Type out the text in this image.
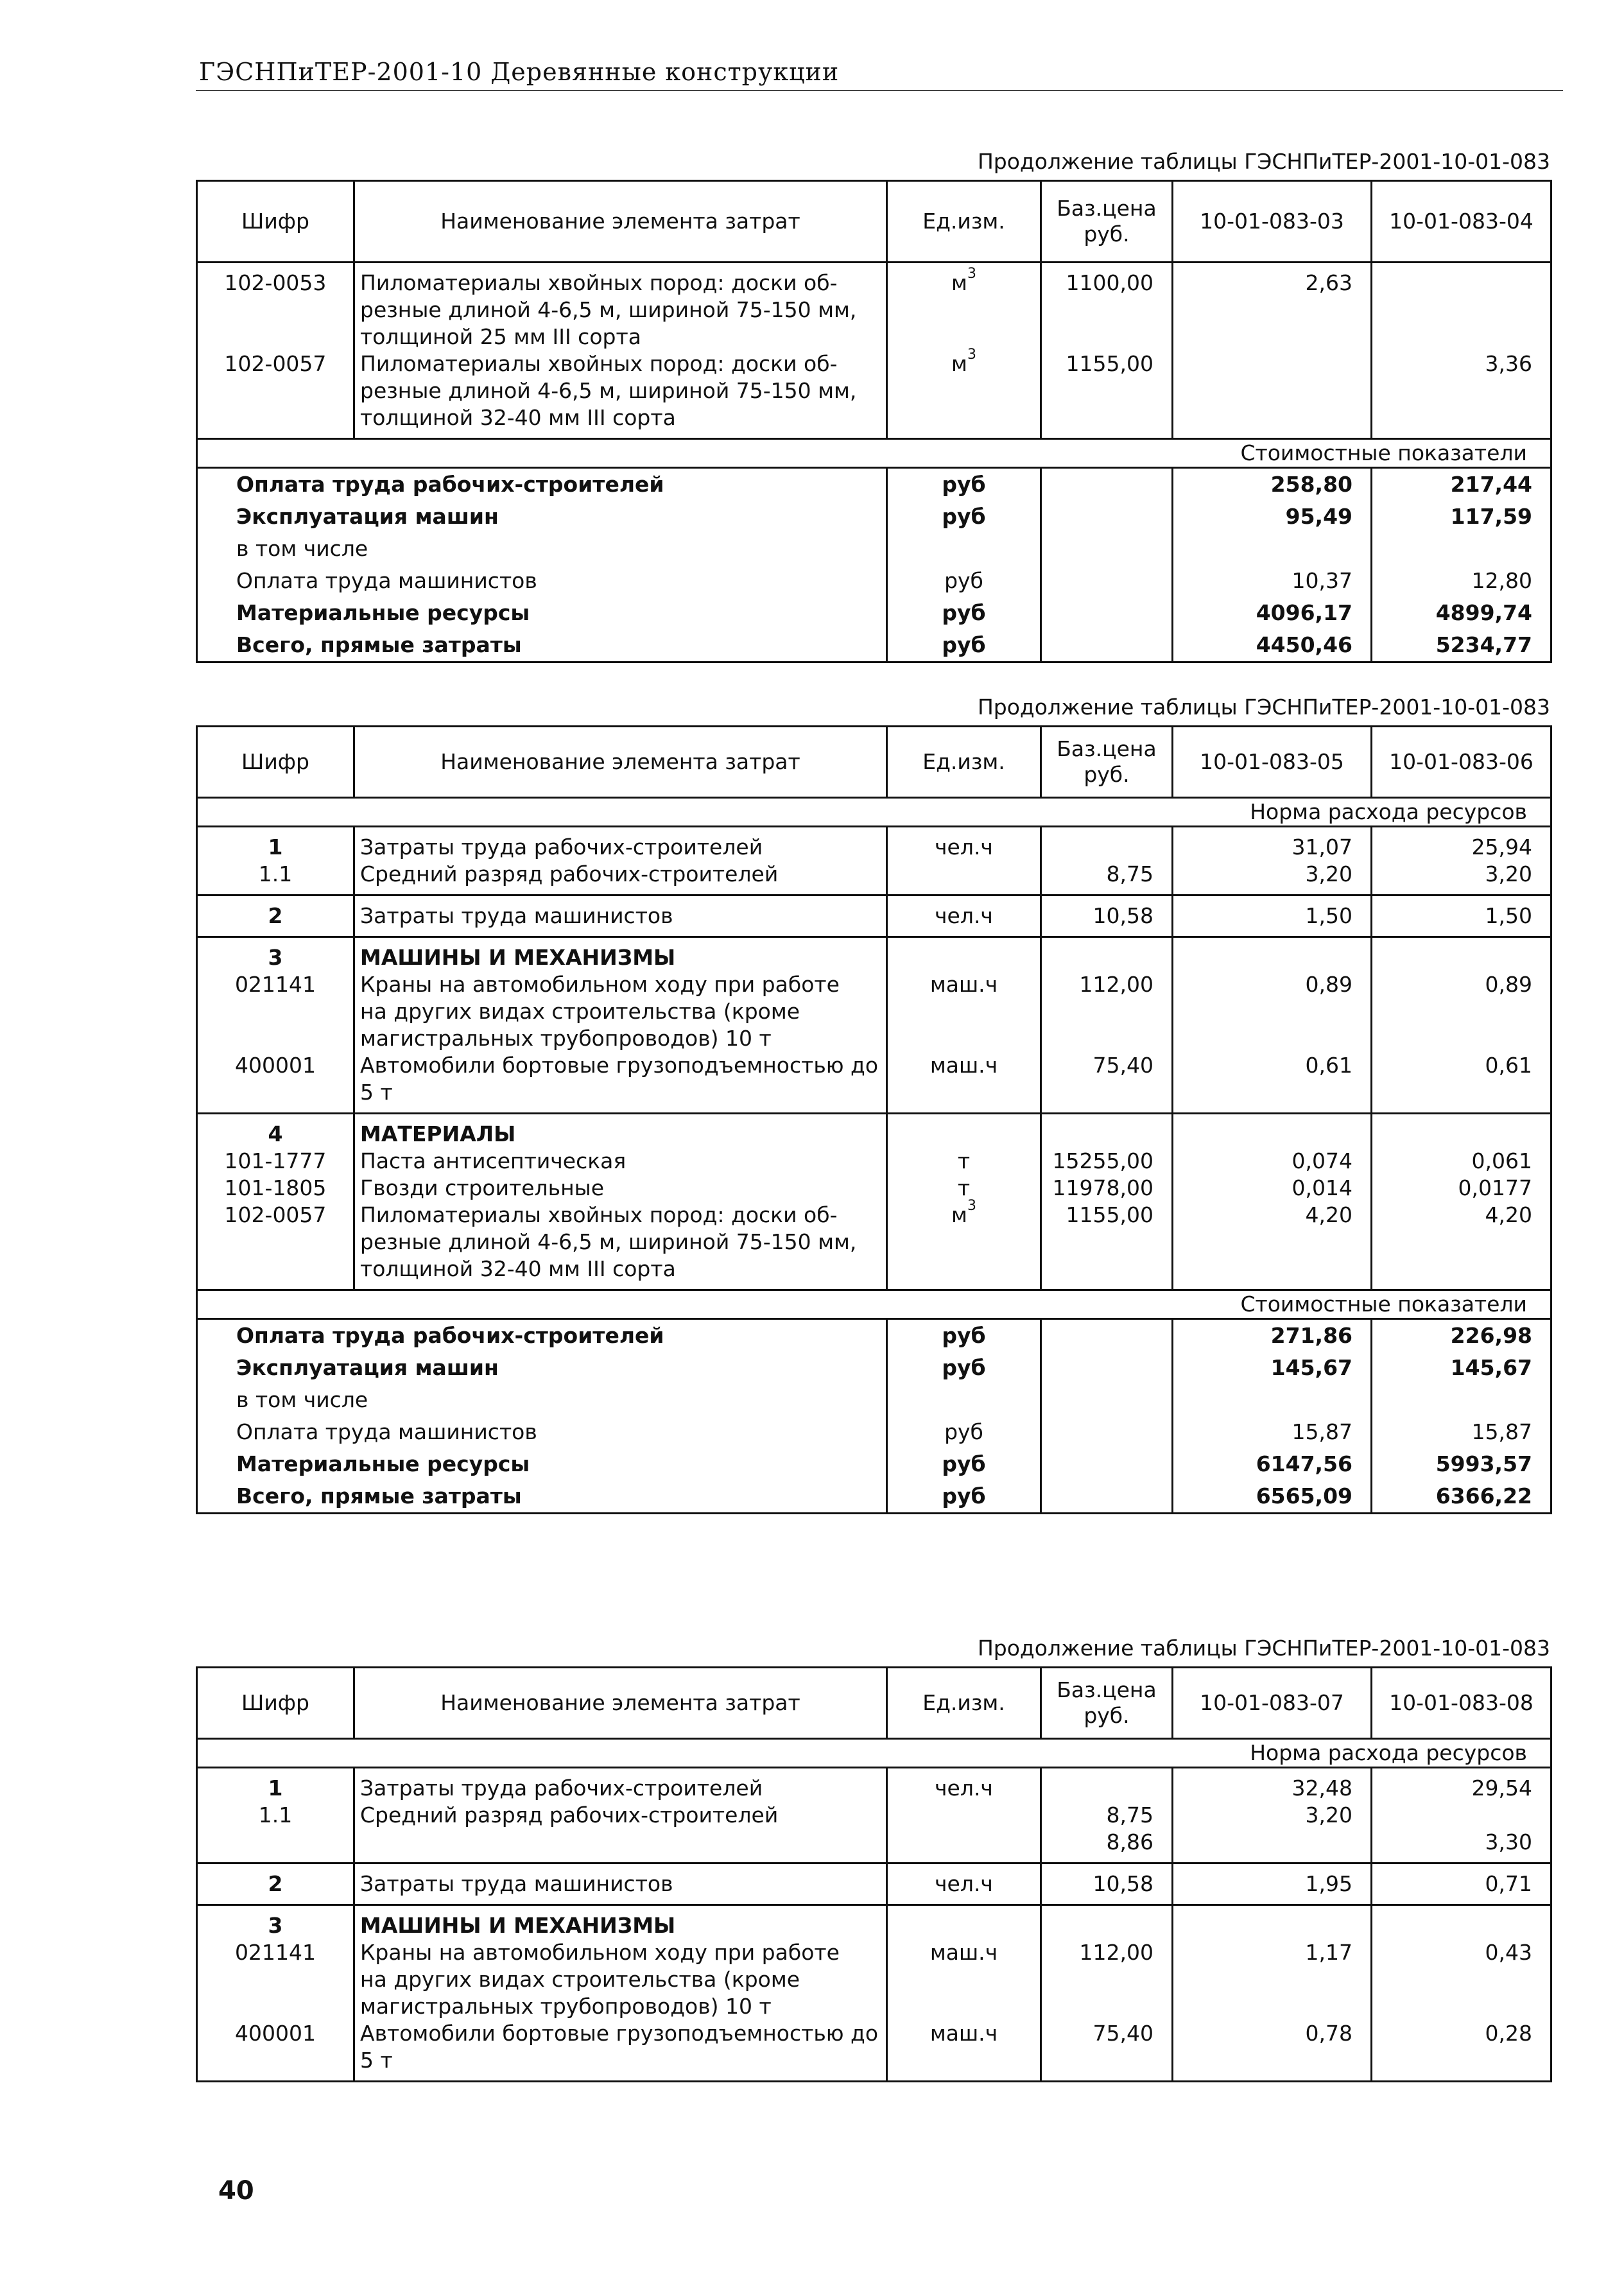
ГЭСНПиТЕР-2001-10 Деревянные конструкции
Продолжение таблицы ГЭСНПиТЕР-2001-10-01-083
Шифр	Наименование элемента затрат	Ед.изм.	Баз.цена руб.	10-01-083-03	10-01-083-04
102-0053	Пиломатериалы хвойных пород: доски об- резные длиной 4-6,5 м, шириной 75-150 мм, толщиной 25 мм III сорта	$м^3$	1100,00	2,63	
102-0057	Пиломатериалы хвойных пород: доски об- резные длиной 4-6,5 м, шириной 75-150 мм, толщиной 32-40 мм III сорта	$м^3$	1155,00		3,36
Стоимостные показатели					
Оплата труда рабочих-строителей		руб		258,80	217,44
Эксплуатация машин		руб		95,49	117,59
в том числе					
Оплата труда машинистов		руб		10,37	12,80
Материальные ресурсы		руб		4096,17	4899,74
Всего, прямые затраты		руб		4450,46	5234,77
Продолжение таблицы ГЭСНПиТЕР-2001-10-01-083
Шифр	Наименование элемента затрат	Ед.изм.	Баз.цена руб.	10-01-083-05	10-01-083-06
Норма расхода ресурсов					
1	Затраты труда рабочих-строителей	чел.ч		31,07	25,94
1.1	Средний разряд рабочих-строителей		8,75	3,20	3,20
2	Затраты труда машинистов	чел.ч	10,58	1,50	1,50
3	МАШИНЫ И МЕХАНИЗМЫ				
021141	Краны на автомобильном ходу при работе
на других видах строительства (кроме
магистральных трубопроводов) 10 т	маш.ч	112,00	0,89	0,89
400001	Автомобили бортовые грузоподъемностью до 5 т	маш.ч	75,40	0,61	0,61
4	МАТЕРИАЛЫ				
101-1777	Паста антисептическая	т	15255,00	0,074	0,061
101-1805	Гвозди строительные	т	11978,00	0,014	0,0177
102-0057	Пиломатериалы хвойных пород: доски об- резные длиной 4-6,5 м, шириной 75-150 мм, толщиной 32-40 мм III сорта	$м^3$	1155,00	4,20	4,20
Стоимостные показатели					
Оплата труда рабочих-строителей		руб		271,86	226,98
Эксплуатация машин		руб		145,67	145,67
в том числе					
Оплата труда машинистов		руб		15,87	15,87
Материальные ресурсы		руб		6147,56	5993,57
Всего, прямые затраты		руб		6565,09	6366,22
Продолжение таблицы ГЭСНПиТЕР-2001-10-01-083
Шифр	Наименование элемента затрат	Ед.изм.	Баз.цена руб.	10-01-083-07	10-01-083-08
Норма расхода ресурсов					
1	Затраты труда рабочих-строителей	чел.ч		32,48	29,54
1.1	Средний разряд рабочих-строителей		8,75	3,20	
			8,86		3,30
2	Затраты труда машинистов	чел.ч	10,58	1,95	0,71
3	МАШИНЫ И МЕХАНИЗМЫ				
021141	Краны на автомобильном ходу при работе
на других видах строительства (кроме
магистральных трубопроводов) 10 т	маш.ч	112,00	1,17	0,43
400001	Автомобили бортовые грузоподъемностью до 5 т	маш.ч	75,40	0,78	0,28
40
